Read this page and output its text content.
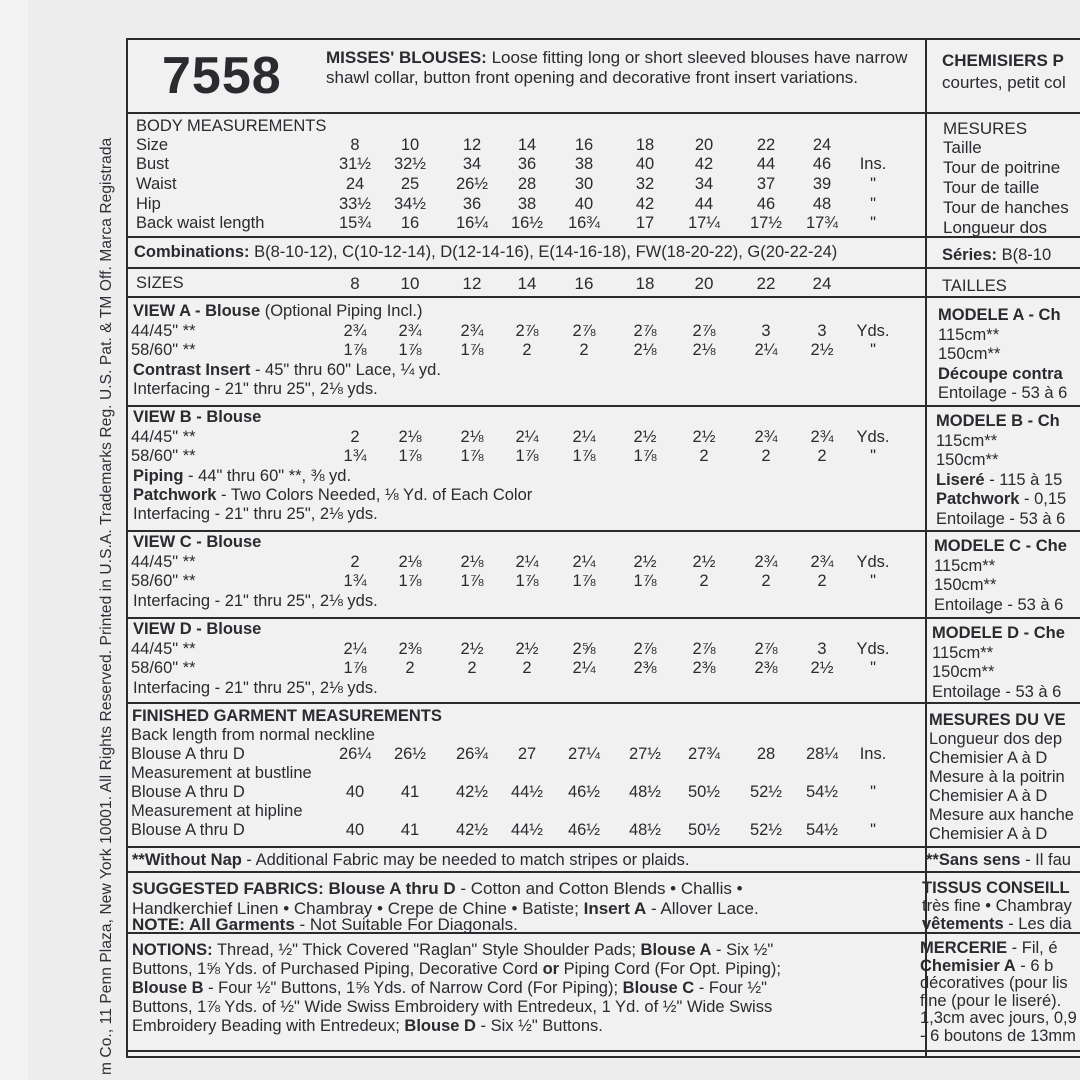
m Co., 11 Penn Plaza, New York 10001. All Rights Reserved. Printed in U.S.A. Trademarks Reg. U.S. Pat. & TM Off. Marca Registrada
7558	MISSES' BLOUSES: Loose fitting long or short sleeved blouses have narrow shawl collar, button front opening and decorative front insert variations.
CHEMISIERS P
courtes, petit col
BODY MEASUREMENTS
Size	8	10	12	14	16	18	20	22	24
Bust	31½	32½	34	36	38	40	42	44	46	Ins.
Waist	24	25	26½	28	30	32	34	37	39	"
Hip	33½	34½	36	38	40	42	44	46	48	"
Back waist length	15¾	16	16¼	16½	16¾	17	17¼	17½	17¾	"
MESURES
Taille
Tour de poitrine
Tour de taille
Tour de hanches
Longueur dos
Combinations: B(8-10-12), C(10-12-14), D(12-14-16), E(14-16-18), FW(18-20-22), G(20-22-24)	Séries: B(8-10
SIZES	8	10	12	14	16	18	20	22	24	TAILLES
VIEW A - Blouse (Optional Piping Incl.)
44/45" **	2¾	2¾	2¾	2⅞	2⅞	2⅞	2⅞	3	3	Yds.
58/60" **	1⅞	1⅞	1⅞	2	2	2⅛	2⅛	2¼	2½	"
Contrast Insert - 45" thru 60" Lace, ¼ yd.
Interfacing - 21" thru 25", 2⅛ yds.
MODELE A - Ch
115cm**
150cm**
Découpe contra
Entoilage - 53 à 6
VIEW B - Blouse
44/45" **	2	2⅛	2⅛	2¼	2¼	2½	2½	2¾	2¾	Yds.
58/60" **	1¾	1⅞	1⅞	1⅞	1⅞	1⅞	2	2	2	"
Piping - 44" thru 60" **, ⅜ yd.
Patchwork - Two Colors Needed, ⅛ Yd. of Each Color
Interfacing - 21" thru 25", 2⅛ yds.
MODELE B - Ch
115cm**
150cm**
Liseré - 115 à 15
Patchwork - 0,15
Entoilage - 53 à 6
VIEW C - Blouse
44/45" **	2	2⅛	2⅛	2¼	2¼	2½	2½	2¾	2¾	Yds.
58/60" **	1¾	1⅞	1⅞	1⅞	1⅞	1⅞	2	2	2	"
Interfacing - 21" thru 25", 2⅛ yds.
MODELE C - Che
115cm**
150cm**
Entoilage - 53 à 6
VIEW D - Blouse
44/45" **	2¼	2⅜	2½	2½	2⅝	2⅞	2⅞	2⅞	3	Yds.
58/60" **	1⅞	2	2	2	2¼	2⅜	2⅜	2⅜	2½	"
Interfacing - 21" thru 25", 2⅛ yds.
MODELE D - Che
115cm**
150cm**
Entoilage - 53 à 6
FINISHED GARMENT MEASUREMENTS
Back length from normal neckline
Blouse A thru D	26¼	26½	26¾	27	27¼	27½	27¾	28	28¼	Ins.
Measurement at bustline
Blouse A thru D	40	41	42½	44½	46½	48½	50½	52½	54½	"
Measurement at hipline
Blouse A thru D	40	41	42½	44½	46½	48½	50½	52½	54½	"
MESURES DU VE
Longueur dos dep
Chemisier A à D
Mesure à la poitrin
Chemisier A à D
Mesure aux hanche
Chemisier A à D
**Without Nap - Additional Fabric may be needed to match stripes or plaids.	**Sans sens - Il fau
SUGGESTED FABRICS: Blouse A thru D - Cotton and Cotton Blends • Challis •
Handkerchief Linen • Chambray • Crepe de Chine • Batiste; Insert A - Allover Lace.
NOTE: All Garments - Not Suitable For Diagonals.
TISSUS CONSEILL
très fine • Chambray
vêtements - Les dia
NOTIONS: Thread, ½" Thick Covered "Raglan" Style Shoulder Pads; Blouse A - Six ½"
Buttons, 1⅝ Yds. of Purchased Piping, Decorative Cord or Piping Cord (For Opt. Piping);
Blouse B - Four ½" Buttons, 1⅝ Yds. of Narrow Cord (For Piping); Blouse C - Four ½"
Buttons, 1⅞ Yds. of ½" Wide Swiss Embroidery with Entredeux, 1 Yd. of ½" Wide Swiss
Embroidery Beading with Entredeux; Blouse D - Six ½" Buttons.
MERCERIE - Fil, é
Chemisier A - 6 b
décoratives (pour lis
fine (pour le liseré).
1,3cm avec jours, 0,9
- 6 boutons de 13mm
